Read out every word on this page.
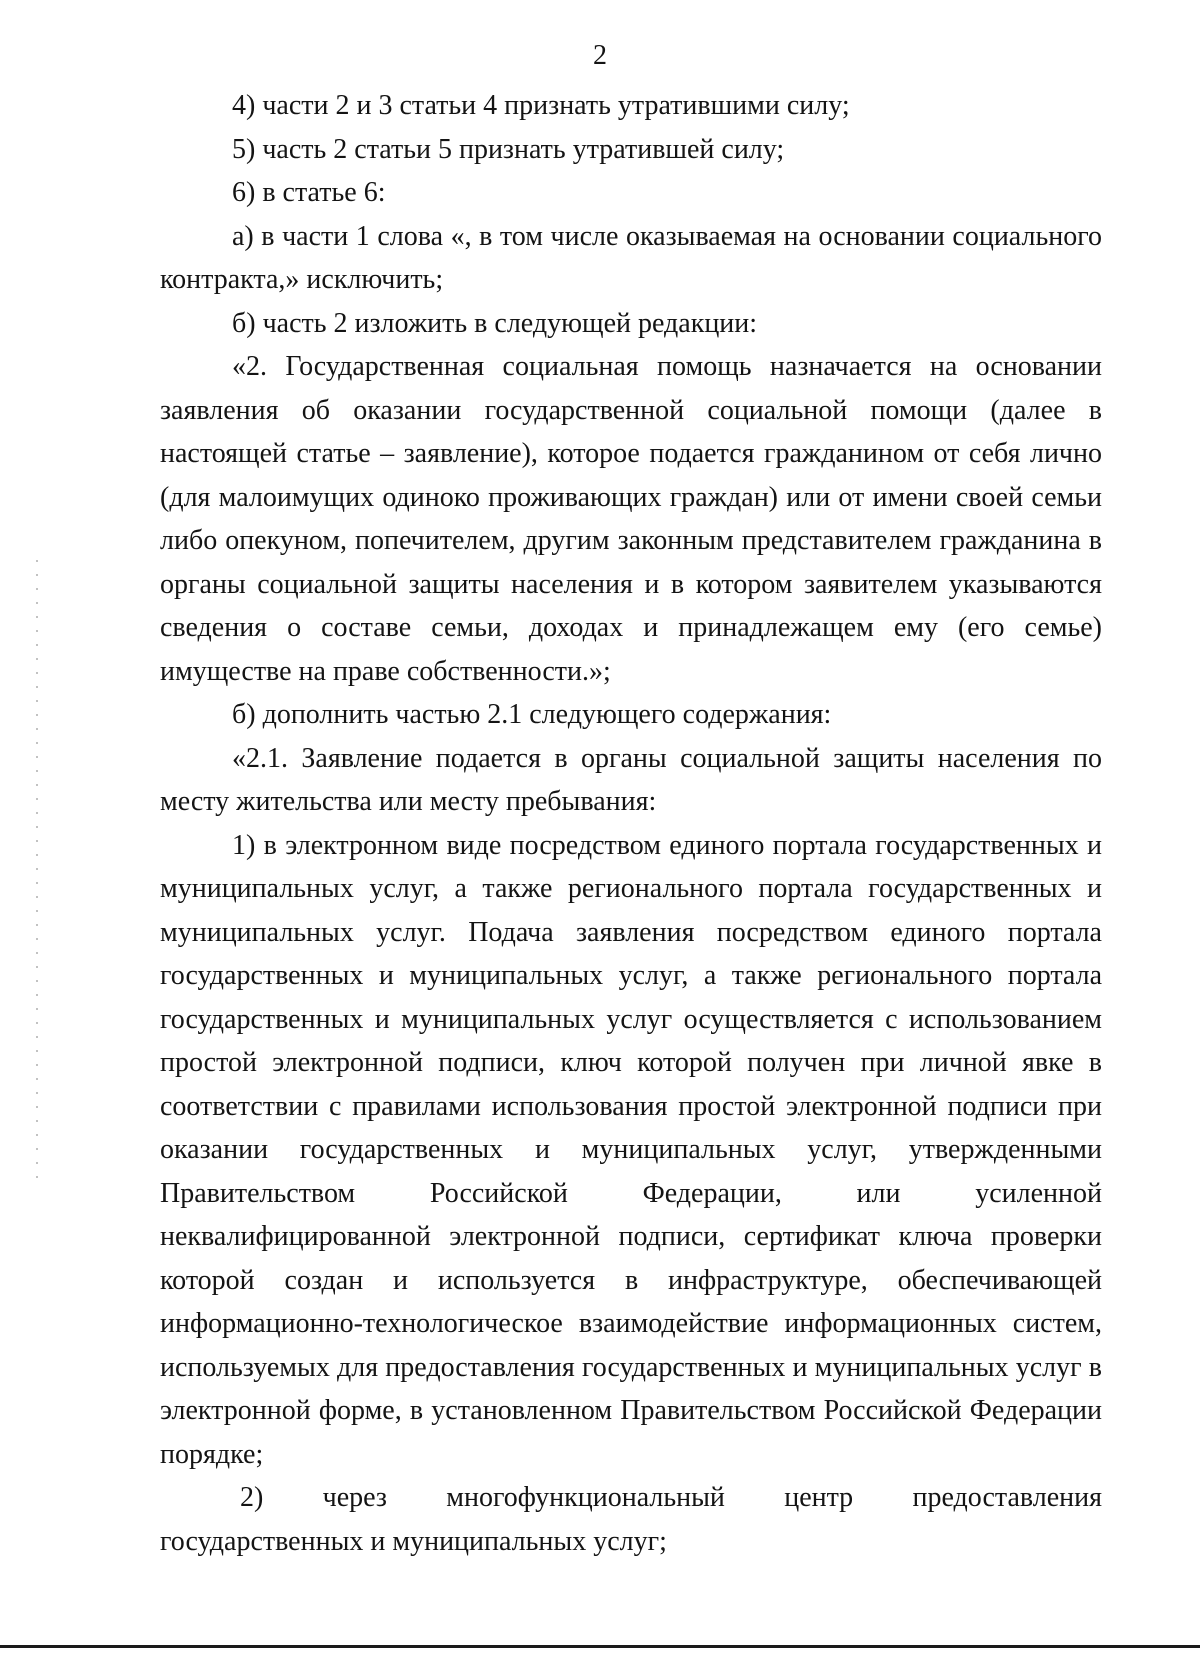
2

4) части 2 и 3 статьи 4 признать утратившими силу;

5) часть 2 статьи 5 признать утратившей силу;

6) в статье 6:

а) в части 1 слова «, в том числе оказываемая на основании социального контракта,» исключить;

б) часть 2 изложить в следующей редакции:

«2. Государственная социальная помощь назначается на основании заявления об оказании государственной социальной помощи (далее в настоящей статье – заявление), которое подается гражданином от себя лично (для малоимущих одиноко проживающих граждан) или от имени своей семьи либо опекуном, попечителем, другим законным представителем гражданина в органы социальной защиты населения и в котором заявителем указываются сведения о составе семьи, доходах и принадлежащем ему (его семье) имуществе на праве собственности.»;

б) дополнить частью 2.1 следующего содержания:

«2.1. Заявление подается в органы социальной защиты населения по месту жительства или месту пребывания:

1) в электронном виде посредством единого портала государственных и муниципальных услуг, а также регионального портала государственных и муниципальных услуг. Подача заявления посредством единого портала государственных и муниципальных услуг, а также регионального портала государственных и муниципальных услуг осуществляется с использованием простой электронной подписи, ключ которой получен при личной явке в соответствии с правилами использования простой электронной подписи при оказании государственных и муниципальных услуг, утвержденными Правительством Российской Федерации, или усиленной неквалифицированной электронной подписи, сертификат ключа проверки которой создан и используется в инфраструктуре, обеспечивающей информационно-технологическое взаимодействие информационных систем, используемых для предоставления государственных и муниципальных услуг в электронной форме, в установленном Правительством Российской Федерации порядке;

2) через многофункциональный центр предоставления государственных и муниципальных услуг;
